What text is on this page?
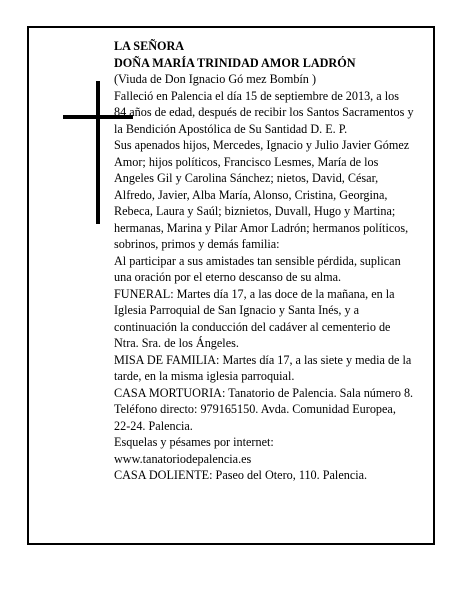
LA SEÑORA

DOÑA MARÍA TRINIDAD AMOR LADRÓN

(Viuda de Don Ignacio Gó mez Bombín )

Falleció en Palencia el día 15 de septiembre de 2013, a los 84 años de edad, después de recibir los Santos Sacramentos y la Bendición Apostólica de Su Santidad D. E. P.

Sus apenados hijos, Mercedes, Ignacio y Julio Javier Gómez Amor; hijos políticos, Francisco Lesmes, María de los Angeles Gil y Carolina Sánchez; nietos, David, César, Alfredo, Javier, Alba María, Alonso, Cristina, Georgina, Rebeca, Laura y Saúl; biznietos, Duvall, Hugo y Martina; hermanas, Marina y Pilar Amor Ladrón; hermanos políticos, sobrinos, primos y demás familia:

Al participar a sus amistades tan sensible pérdida, suplican una oración por el eterno descanso de su alma.

FUNERAL: Martes día 17, a las doce de la mañana, en la Iglesia Parroquial de San Ignacio y Santa Inés, y a continuación la conducción del cadáver al cementerio de Ntra. Sra. de los Ángeles.

MISA DE FAMILIA: Martes día 17, a las siete y media de la tarde, en la misma iglesia parroquial.

CASA MORTUORIA: Tanatorio de Palencia. Sala número 8. Teléfono directo: 979165150. Avda. Comunidad Europea, 22-24. Palencia.

Esquelas y pésames por internet:

www.tanatoriodepalencia.es

CASA DOLIENTE: Paseo del Otero, 110. Palencia.
